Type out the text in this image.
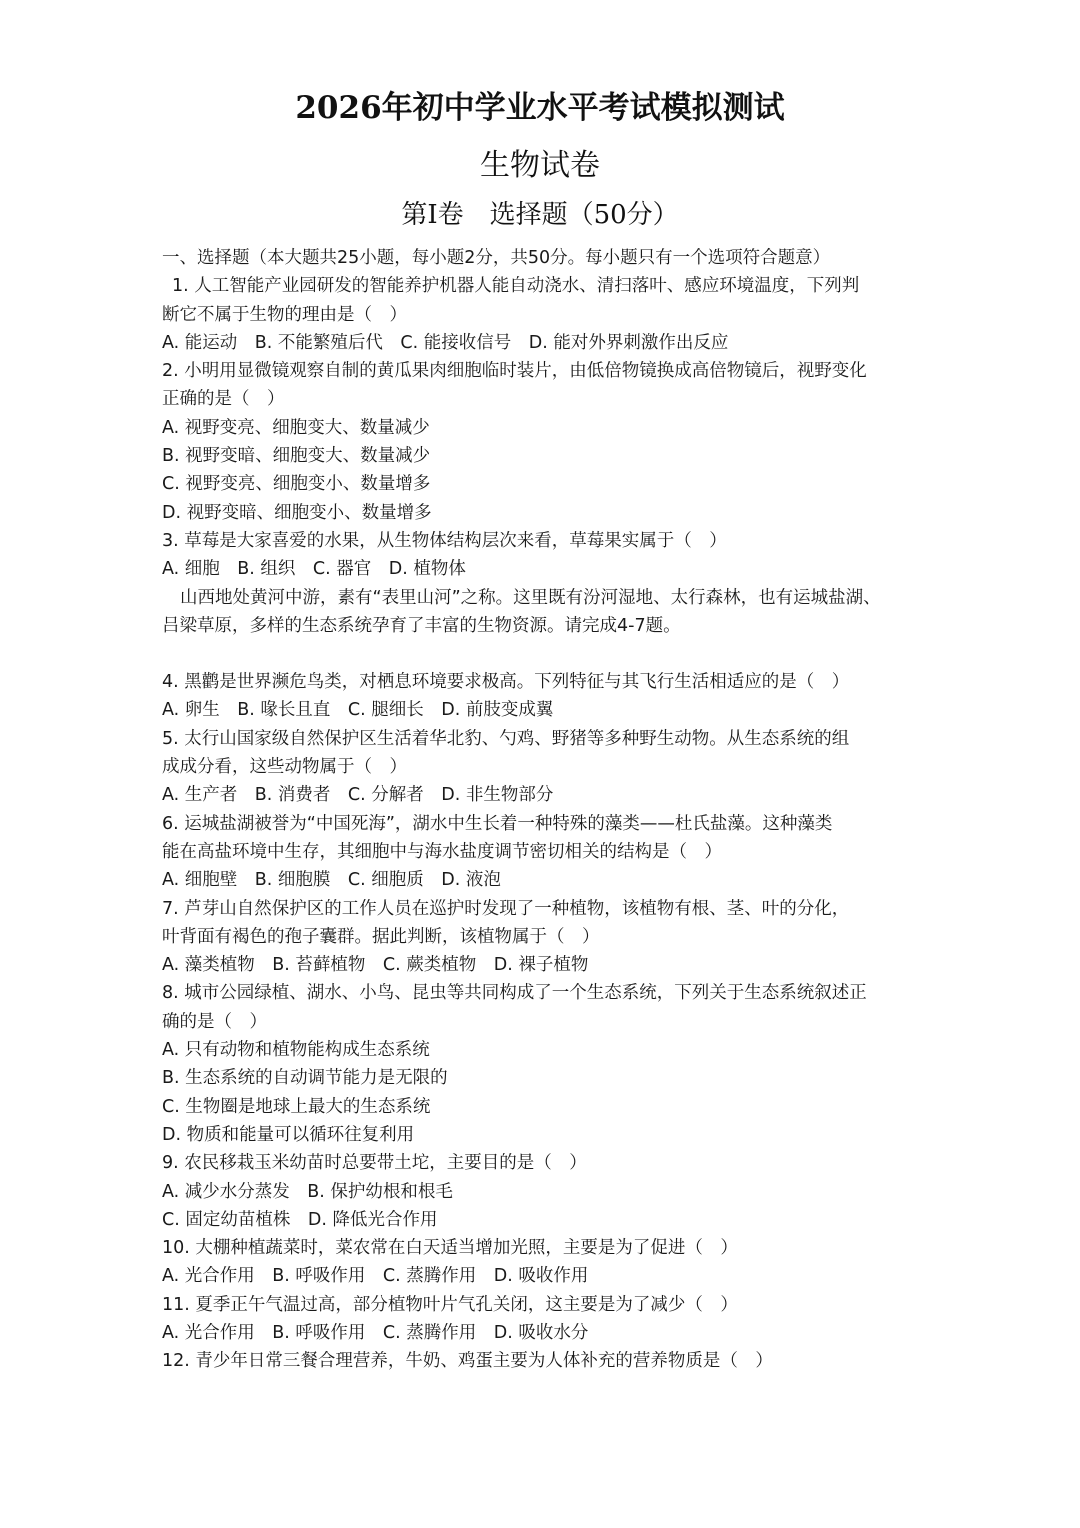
2026年初中学业水平考试模拟测试
生物试卷
第Ⅰ卷　选择题（50分）
一、选择题（本大题共25小题，每小题2分，共50分。每小题只有一个选项符合题意）
1. 人工智能产业园研发的智能养护机器人能自动浇水、清扫落叶、感应环境温度，下列判
断它不属于生物的理由是（　）
A. 能运动　B. 不能繁殖后代　C. 能接收信号　D. 能对外界刺激作出反应
2. 小明用显微镜观察自制的黄瓜果肉细胞临时装片，由低倍物镜换成高倍物镜后，视野变化
正确的是（　）
A. 视野变亮、细胞变大、数量减少
B. 视野变暗、细胞变大、数量减少
C. 视野变亮、细胞变小、数量增多
D. 视野变暗、细胞变小、数量增多
3. 草莓是大家喜爱的水果，从生物体结构层次来看，草莓果实属于（　）
A. 细胞　B. 组织　C. 器官　D. 植物体
山西地处黄河中游，素有“表里山河”之称。这里既有汾河湿地、太行森林，也有运城盐湖、
吕梁草原，多样的生态系统孕育了丰富的生物资源。请完成4-7题。
4. 黑鹳是世界濒危鸟类，对栖息环境要求极高。下列特征与其飞行生活相适应的是（　）
A. 卵生　B. 喙长且直　C. 腿细长　D. 前肢变成翼
5. 太行山国家级自然保护区生活着华北豹、勺鸡、野猪等多种野生动物。从生态系统的组
成成分看，这些动物属于（　）
A. 生产者　B. 消费者　C. 分解者　D. 非生物部分
6. 运城盐湖被誉为“中国死海”，湖水中生长着一种特殊的藻类——杜氏盐藻。这种藻类
能在高盐环境中生存，其细胞中与海水盐度调节密切相关的结构是（　）
A. 细胞壁　B. 细胞膜　C. 细胞质　D. 液泡
7. 芦芽山自然保护区的工作人员在巡护时发现了一种植物，该植物有根、茎、叶的分化，
叶背面有褐色的孢子囊群。据此判断，该植物属于（　）
A. 藻类植物　B. 苔藓植物　C. 蕨类植物　D. 裸子植物
8. 城市公园绿植、湖水、小鸟、昆虫等共同构成了一个生态系统，下列关于生态系统叙述正
确的是（　）
A. 只有动物和植物能构成生态系统
B. 生态系统的自动调节能力是无限的
C. 生物圈是地球上最大的生态系统
D. 物质和能量可以循环往复利用
9. 农民移栽玉米幼苗时总要带土坨，主要目的是（　）
A. 减少水分蒸发　B. 保护幼根和根毛
C. 固定幼苗植株　D. 降低光合作用
10. 大棚种植蔬菜时，菜农常在白天适当增加光照，主要是为了促进（　）
A. 光合作用　B. 呼吸作用　C. 蒸腾作用　D. 吸收作用
11. 夏季正午气温过高，部分植物叶片气孔关闭，这主要是为了减少（　）
A. 光合作用　B. 呼吸作用　C. 蒸腾作用　D. 吸收水分
12. 青少年日常三餐合理营养，牛奶、鸡蛋主要为人体补充的营养物质是（　）
